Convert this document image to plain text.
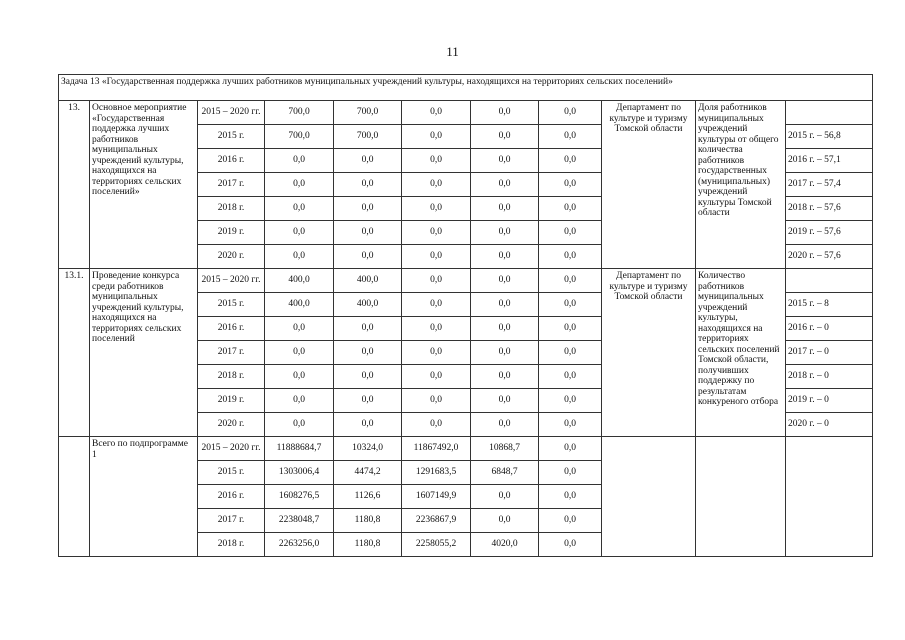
11
Задача 13 «Государственная поддержка лучших работников муниципальных учреждений культуры, находящихся на территориях сельских поселений»										
13.	Основное мероприятие «Государственная поддержка лучших работников муниципальных учреждений культуры, находящихся на территориях сельских поселений»	2015 – 2020 гг.	700,0	700,0	0,0	0,0	0,0	Департамент по культуре и туризму Томской области	Доля работников муниципальных учреждений культуры от общего количества работников государственных (муниципальных) учреждений культуры Томской области	
		2015 г.	700,0	700,0	0,0	0,0	0,0			2015 г. – 56,8
		2016 г.	0,0	0,0	0,0	0,0	0,0			2016 г. – 57,1
		2017 г.	0,0	0,0	0,0	0,0	0,0			2017 г. – 57,4
		2018 г.	0,0	0,0	0,0	0,0	0,0			2018 г. – 57,6
		2019 г.	0,0	0,0	0,0	0,0	0,0			2019 г. – 57,6
		2020 г.	0,0	0,0	0,0	0,0	0,0			2020 г. – 57,6
13.1.	Проведение конкурса среди работников муниципальных учреждений культуры, находящихся на территориях сельских поселений	2015 – 2020 гг.	400,0	400,0	0,0	0,0	0,0	Департамент по культуре и туризму Томской области	Количество работников муниципальных учреждений культуры, находящихся на территориях сельских поселений Томской области, получивших поддержку по результатам конкуреного отбора	
		2015 г.	400,0	400,0	0,0	0,0	0,0			2015 г. – 8
		2016 г.	0,0	0,0	0,0	0,0	0,0			2016 г. – 0
		2017 г.	0,0	0,0	0,0	0,0	0,0			2017 г. – 0
		2018 г.	0,0	0,0	0,0	0,0	0,0			2018 г. – 0
		2019 г.	0,0	0,0	0,0	0,0	0,0			2019 г. – 0
		2020 г.	0,0	0,0	0,0	0,0	0,0			2020 г. – 0
	Всего по подпрограмме 1	2015 – 2020 гг.	11888684,7	10324,0	11867492,0	10868,7	0,0			
		2015 г.	1303006,4	4474,2	1291683,5	6848,7	0,0			
		2016 г.	1608276,5	1126,6	1607149,9	0,0	0,0			
		2017 г.	2238048,7	1180,8	2236867,9	0,0	0,0			
		2018 г.	2263256,0	1180,8	2258055,2	4020,0	0,0			
